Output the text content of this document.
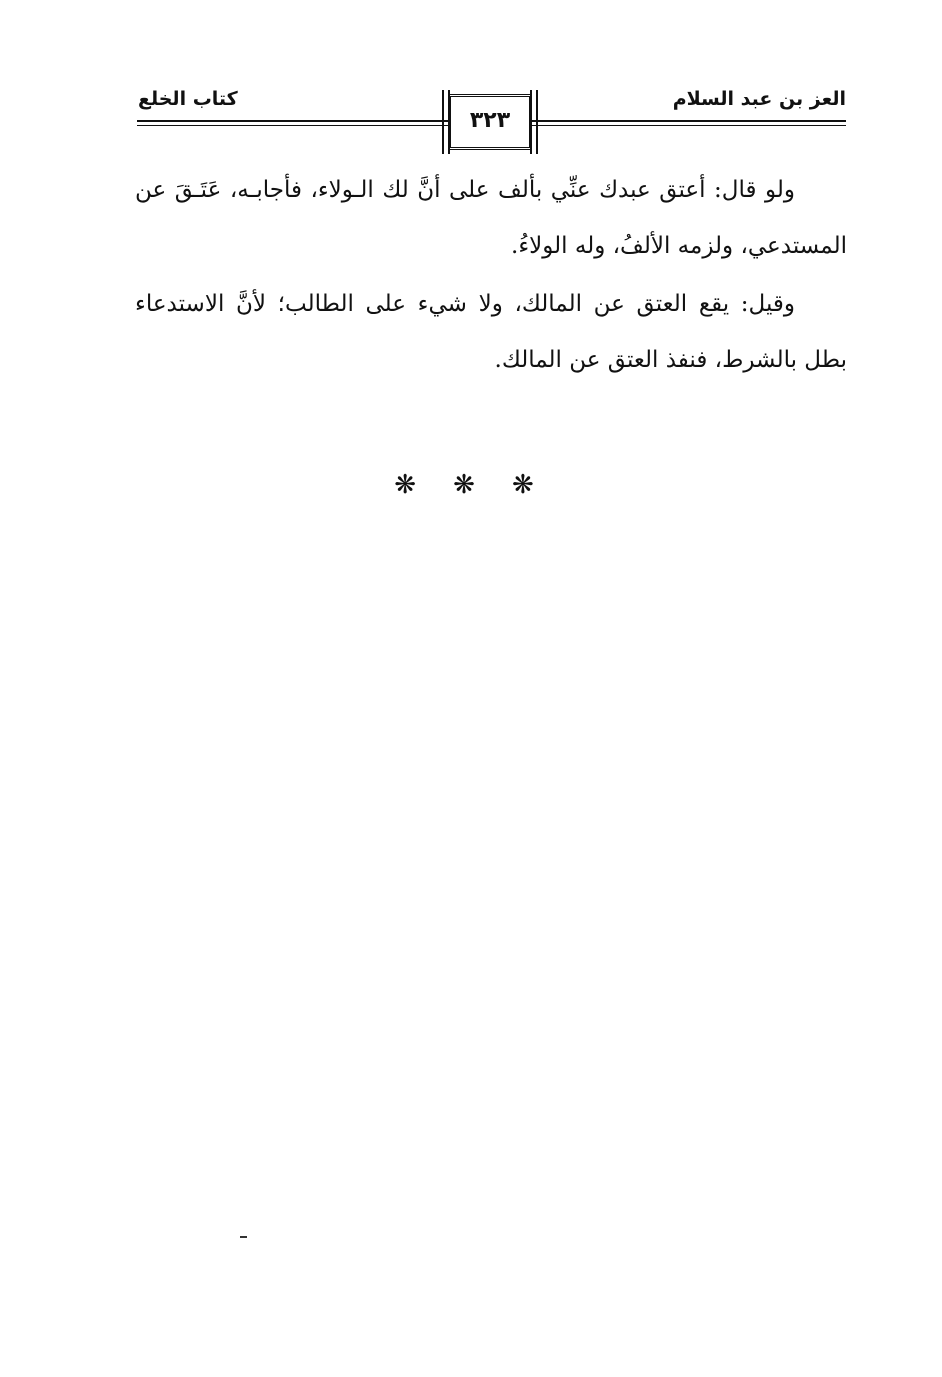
العز بن عبد السلام
كتاب الخلع
٣٢٣
ولو قال: أعتق عبدك عنِّي بألف على أنَّ لك الـولاء، فأجابـه، عَتَـقَ عن المستدعي، ولزمه الألفُ، وله الولاءُ.
وقيل: يقع العتق عن المالك، ولا شيء على الطالب؛ لأنَّ الاستدعاء بطل بالشرط، فنفذ العتق عن المالك.
❋ ❋ ❋
